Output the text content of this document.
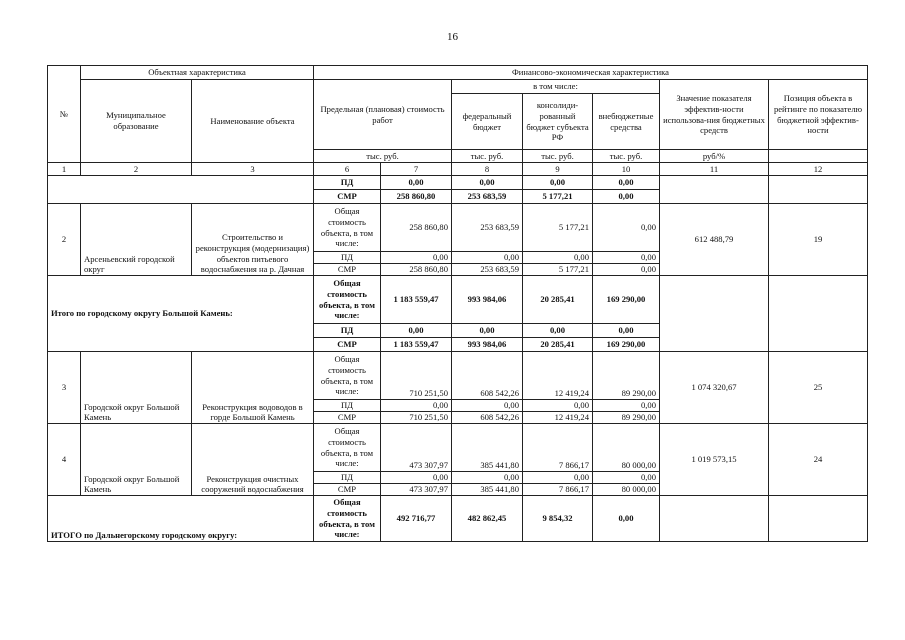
16
№	Объектная характеристика		Финансово-экономическая характеристика						
	Муниципальное образование	Наименование объекта	Предельная (плановая) стоимость работ		в том числе:			Значение показателя эффектив-ности использова-ния бюджетных средств	Позиция объекта в рейтинге по показателю бюджетной эффектив-ности
					федеральный бюджет	консолиди-рованный бюджет субъекта РФ	внебюджетные средства		
			тыс. руб.		тыс. руб.	тыс. руб.	тыс. руб.	руб/%	
1	2	3	6	7	8	9	10	11	12
			ПД	0,00	0,00	0,00	0,00		
			СМР	258 860,80	253 683,59	5 177,21	0,00		
2	Арсеньевский городской округ	Строительство и реконструкция (модернизация) объектов питьевого водоснабжения на р. Дачная	Общая стоимость объекта, в том числе:	258 860,80	253 683,59	5 177,21	0,00	612 488,79	19
			ПД	0,00	0,00	0,00	0,00		
			СМР	258 860,80	253 683,59	5 177,21	0,00		
Итого по городскому округу Большой Камень:			Общая стоимость объекта, в том числе:	1 183 559,47	993 984,06	20 285,41	169 290,00		
			ПД	0,00	0,00	0,00	0,00		
			СМР	1 183 559,47	993 984,06	20 285,41	169 290,00		
3	Городской округ Большой Камень	Реконструкция водоводов в горде Большой Камень	Общая стоимость объекта, в том числе:	710 251,50	608 542,26	12 419,24	89 290,00	1 074 320,67	25
			ПД	0,00	0,00	0,00	0,00		
			СМР	710 251,50	608 542,26	12 419,24	89 290,00		
4	Городской округ Большой Камень	Реконструкция очистных сооружений водоснабжения	Общая стоимость объекта, в том числе:	473 307,97	385 441,80	7 866,17	80 000,00	1 019 573,15	24
			ПД	0,00	0,00	0,00	0,00		
			СМР	473 307,97	385 441,80	7 866,17	80 000,00		
ИТОГО по Дальнегорскому городскому округу:			Общая стоимость объекта, в том числе:	492 716,77	482 862,45	9 854,32	0,00		
